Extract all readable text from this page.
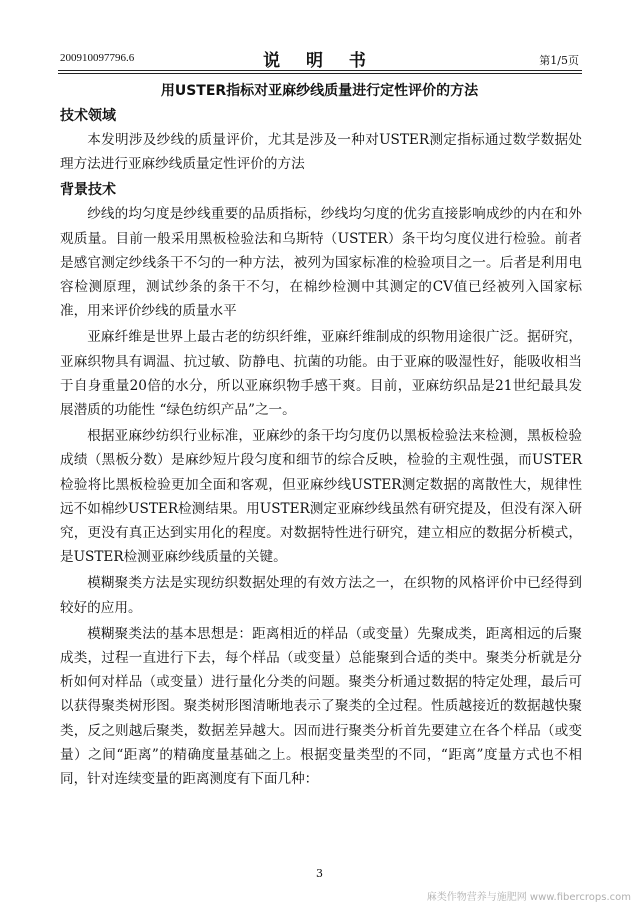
200910097796.6	说 明 书	第1/5页
用USTER指标对亚麻纱线质量进行定性评价的方法
技术领域

本发明涉及纱线的质量评价，尤其是涉及一种对USTER测定指标通过数学数据处理方法进行亚麻纱线质量定性评价的方法

背景技术

纱线的均匀度是纱线重要的品质指标，纱线均匀度的优劣直接影响成纱的内在和外观质量。目前一般采用黑板检验法和乌斯特（USTER）条干均匀度仪进行检验。前者是感官测定纱线条干不匀的一种方法，被列为国家标准的检验项目之一。后者是利用电容检测原理，测试纱条的条干不匀，在棉纱检测中其测定的CV值已经被列入国家标准，用来评价纱线的质量水平

亚麻纤维是世界上最古老的纺织纤维，亚麻纤维制成的织物用途很广泛。据研究，亚麻织物具有调温、抗过敏、防静电、抗菌的功能。由于亚麻的吸湿性好，能吸收相当于自身重量20倍的水分，所以亚麻织物手感干爽。目前，亚麻纺织品是21世纪最具发展潜质的功能性 “绿色纺织产品”之一。

根据亚麻纱纺织行业标准，亚麻纱的条干均匀度仍以黑板检验法来检测，黑板检验成绩（黑板分数）是麻纱短片段匀度和细节的综合反映，检验的主观性强，而USTER检验将比黑板检验更加全面和客观，但亚麻纱线USTER测定数据的离散性大，规律性远不如棉纱USTER检测结果。用USTER测定亚麻纱线虽然有研究提及，但没有深入研究，更没有真正达到实用化的程度。对数据特性进行研究，建立相应的数据分析模式，是USTER检测亚麻纱线质量的关键。

模糊聚类方法是实现纺织数据处理的有效方法之一，在织物的风格评价中已经得到较好的应用。

模糊聚类法的基本思想是：距离相近的样品（或变量）先聚成类，距离相远的后聚成类，过程一直进行下去，每个样品（或变量）总能聚到合适的类中。聚类分析就是分析如何对样品（或变量）进行量化分类的问题。聚类分析通过数据的特定处理，最后可以获得聚类树形图。聚类树形图清晰地表示了聚类的全过程。性质越接近的数据越快聚类，反之则越后聚类，数据差异越大。因而进行聚类分析首先要建立在各个样品（或变量）之间“距离”的精确度量基础之上。根据变量类型的不同，“距离”度量方式也不相同，针对连续变量的距离测度有下面几种：

3
麻类作物营养与施肥网 www.fibercrops.com
